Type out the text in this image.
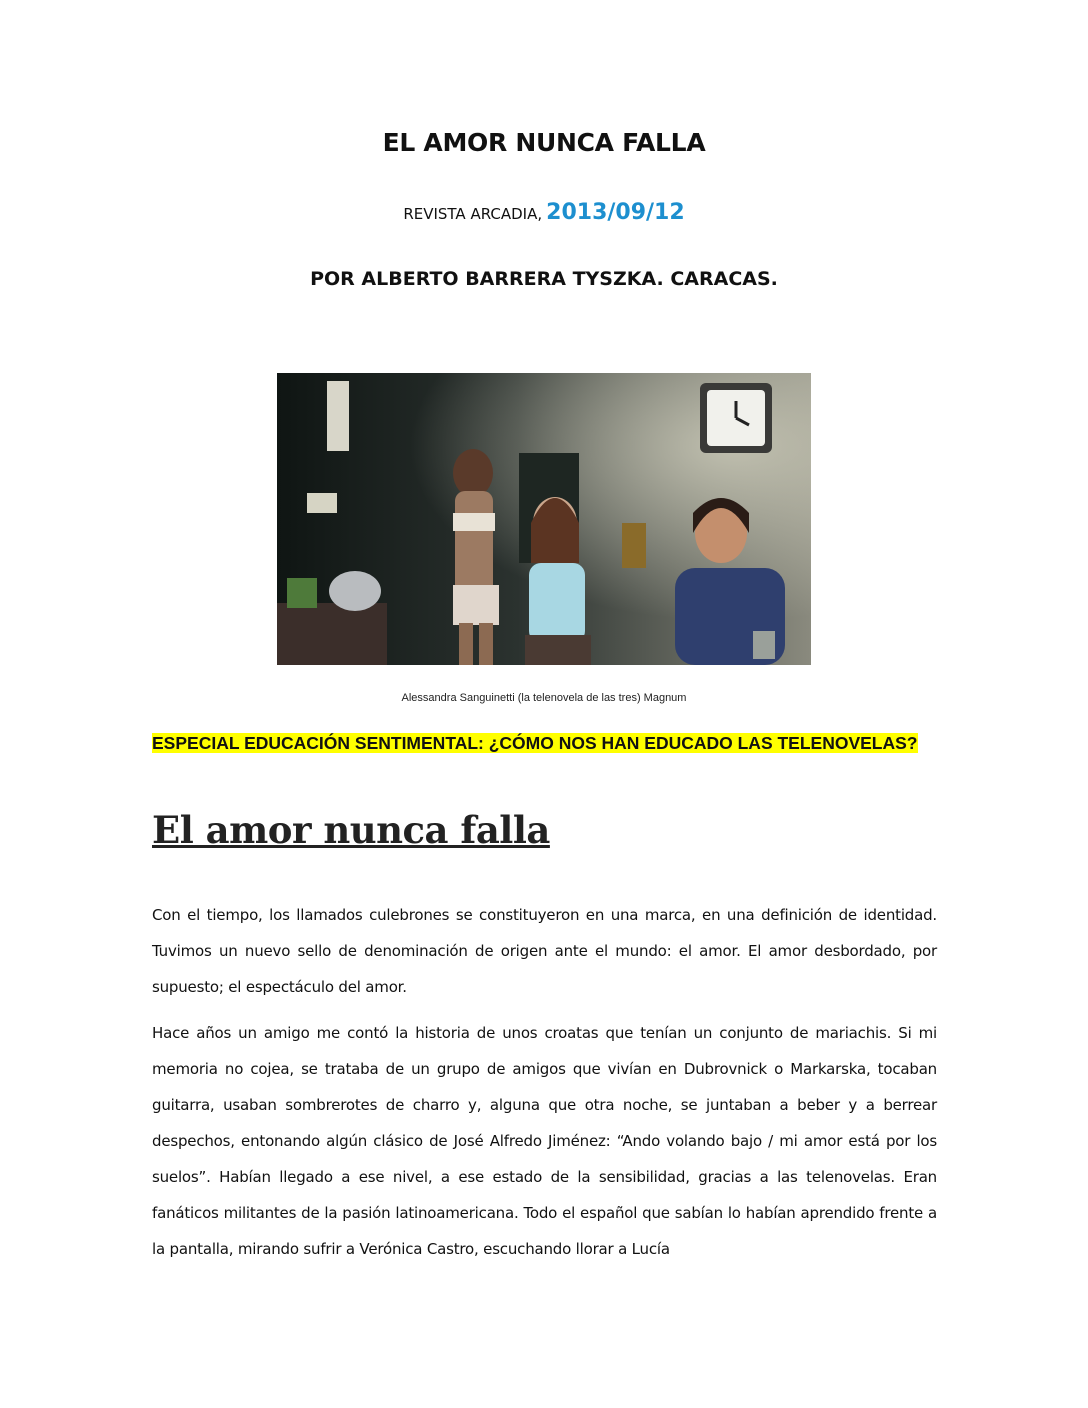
EL AMOR NUNCA FALLA
REVISTA ARCADIA, 2013/09/12
POR ALBERTO BARRERA TYSZKA. CARACAS.
Alessandra Sanguinetti (la telenovela de las tres) Magnum
ESPECIAL EDUCACIÓN SENTIMENTAL: ¿CÓMO NOS HAN EDUCADO LAS TELENOVELAS?
El amor nunca falla

Con el tiempo, los llamados culebrones se constituyeron en una marca, en una definición de identidad. Tuvimos un nuevo sello de denominación de origen ante el mundo: el amor. El amor desbordado, por supuesto; el espectáculo del amor.

Hace años un amigo me contó la historia de unos croatas que tenían un conjunto de mariachis. Si mi memoria no cojea, se trataba de un grupo de amigos que vivían en Dubrovnick o Markarska, tocaban guitarra, usaban sombrerotes de charro y, alguna que otra noche, se juntaban a beber y a berrear despechos, entonando algún clásico de José Alfredo Jiménez: “Ando volando bajo / mi amor está por los suelos”. Habían llegado a ese nivel, a ese estado de la sensibilidad, gracias a las telenovelas. Eran fanáticos militantes de la pasión latinoamericana. Todo el español que sabían lo habían aprendido frente a la pantalla, mirando sufrir a Verónica Castro, escuchando llorar a Lucía
